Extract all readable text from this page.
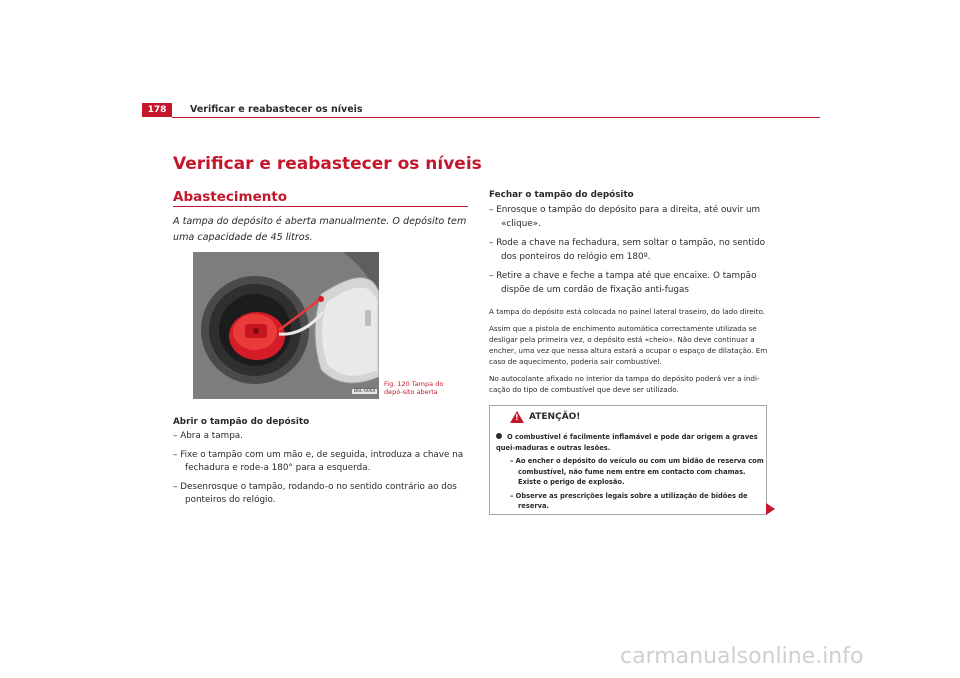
178	Verificar e reabastecer os níveis
Verificar e reabastecer os níveis
Abastecimento
A tampa do depósito é aberta manualmente. O depósito tem uma capacidade de 45 litros.
B6L-0060
Fig. 120 Tampa do depó-sito aberta
Abrir o tampão do depósito
– Abra a tampa.
– Fixe o tampão com um mão e, de seguida, introduza a chave na fechadura e rode-a 180° para a esquerda.
– Desenrosque o tampão, rodando-o no sentido contrário ao dos ponteiros do relógio.
Fechar o tampão do depósito
– Enrosque o tampão do depósito para a direita, até ouvir um «clique».
– Rode a chave na fechadura, sem soltar o tampão, no sentido dos ponteiros do relógio em 180º.
– Retire a chave e feche a tampa até que encaixe. O tampão dispõe de um cordão de fixação anti-fugas
A tampa do depósito está colocada no painel lateral traseiro, do lado direito.
Assim que a pistola de enchimento automática correctamente utilizada se desligar pela primeira vez, o depósito está «cheio». Não deve continuar a encher, uma vez que nessa altura estará a ocupar o espaço de dilatação. Em caso de aquecimento, poderia sair combustível.
No autocolante afixado no interior da tampa do depósito poderá ver a indi-cação do tipo de combustível que deve ser utilizado.
! ATENÇÃO!
O combustível é facilmente inflamável e pode dar origem a graves quei-maduras e outras lesões.
– Ao encher o depósito do veículo ou com um bidão de reserva com combustível, não fume nem entre em contacto com chamas. Existe o perigo de explosão.
– Observe as prescrições legais sobre a utilização de bidões de reserva.
carmanualsonline.info
